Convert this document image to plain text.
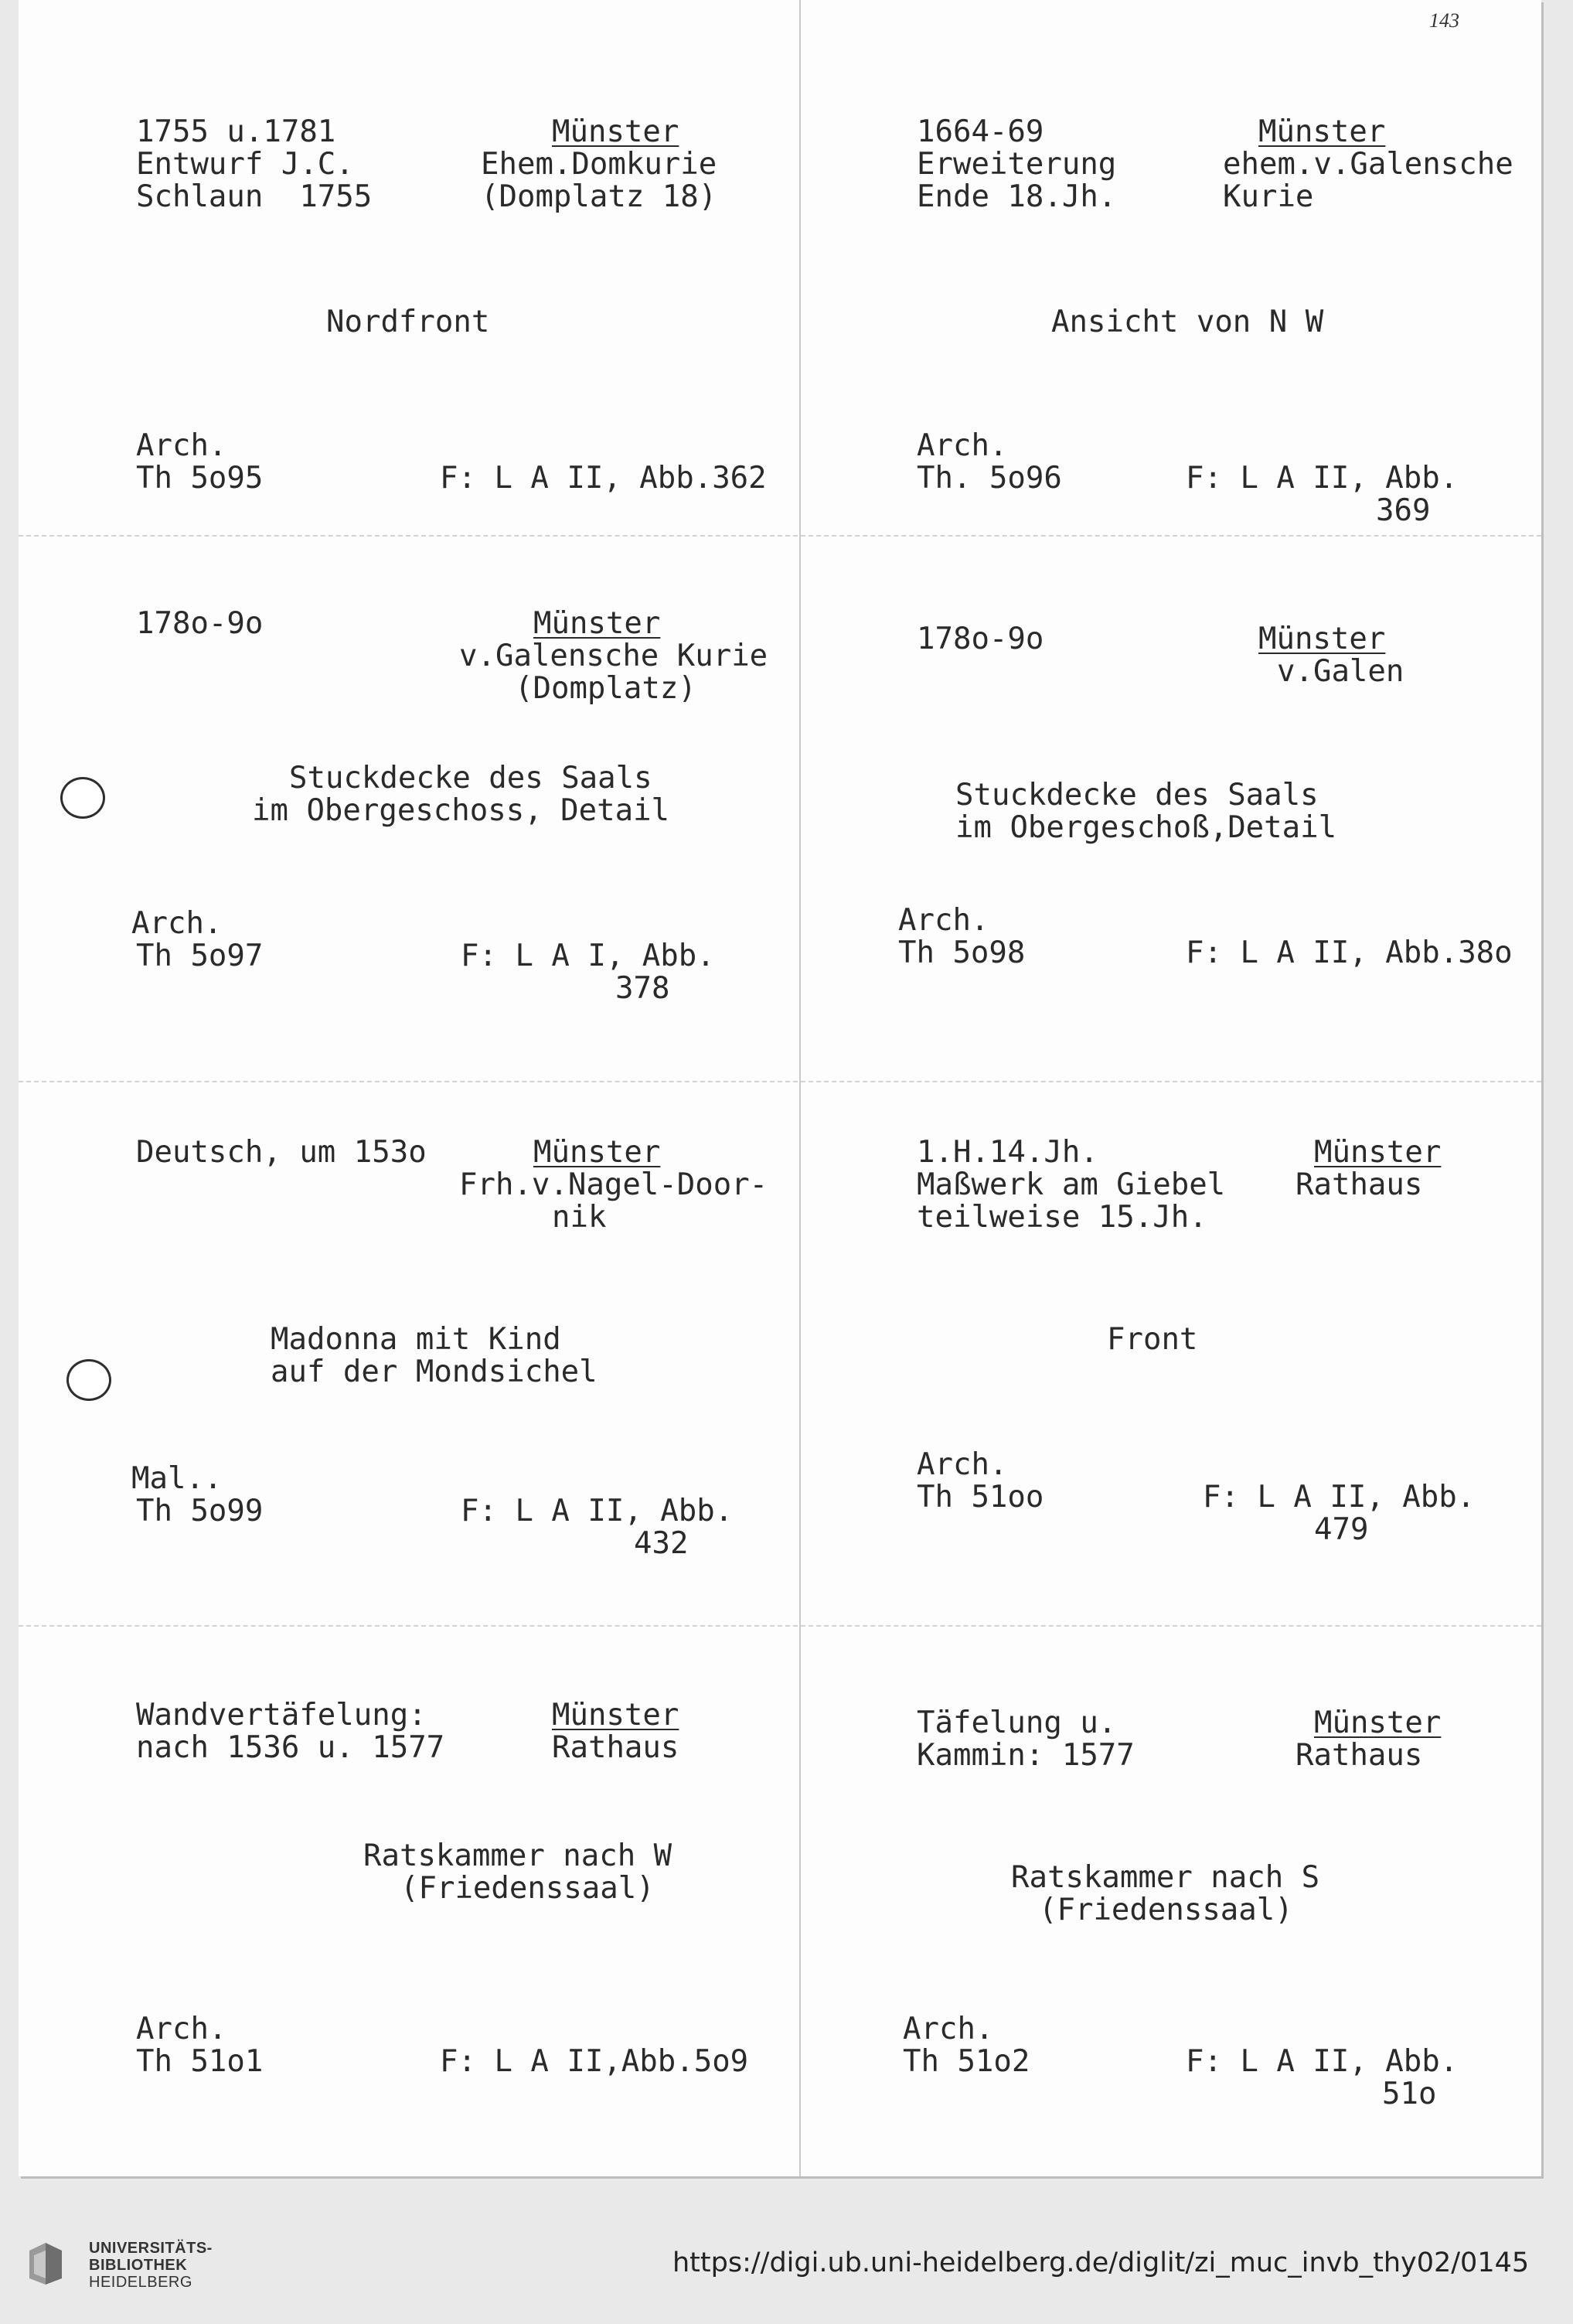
143
1755 u.1781
Entwurf J.C.
Schlaun  1755
Münster
Ehem.Domkurie
(Domplatz 18)
Nordfront
Arch.
Th 5o95	F: L A II, Abb.362
1664-69
Erweiterung
Ende 18.Jh.
Münster
ehem.v.Galensche
Kurie
Ansicht von N W
Arch.
Th. 5o96	F: L A II, Abb.
369
178o-9o	Münster
v.Galensche Kurie
(Domplatz)
Stuckdecke des Saals
im Obergeschoss, Detail
Arch.
Th 5o97	F: L A I, Abb.
378
178o-9o	Münster
v.Galen
Stuckdecke des Saals
im Obergeschoß,Detail
Arch.
Th 5o98	F: L A II, Abb.38o
Deutsch, um 153o	Münster
Frh.v.Nagel-Door-
nik
Madonna mit Kind
auf der Mondsichel
Mal..
Th 5o99	F: L A II, Abb.
432
1.H.14.Jh.
Maßwerk am Giebel
teilweise 15.Jh.
Münster
Rathaus
Front
Arch.
Th 51oo	F: L A II, Abb.
479
Wandvertäfelung:
nach 1536 u. 1577
Münster
Rathaus
Ratskammer nach W
(Friedenssaal)
Arch.
Th 51o1	F: L A II,Abb.5o9
Täfelung u.
Kammin: 1577
Münster
Rathaus
Ratskammer nach S
(Friedenssaal)
Arch.
Th 51o2	F: L A II, Abb.
51o
UNIVERSITÄTS-
BIBLIOTHEK
HEIDELBERG
https://digi.ub.uni-heidelberg.de/diglit/zi_muc_invb_thy02/0145
